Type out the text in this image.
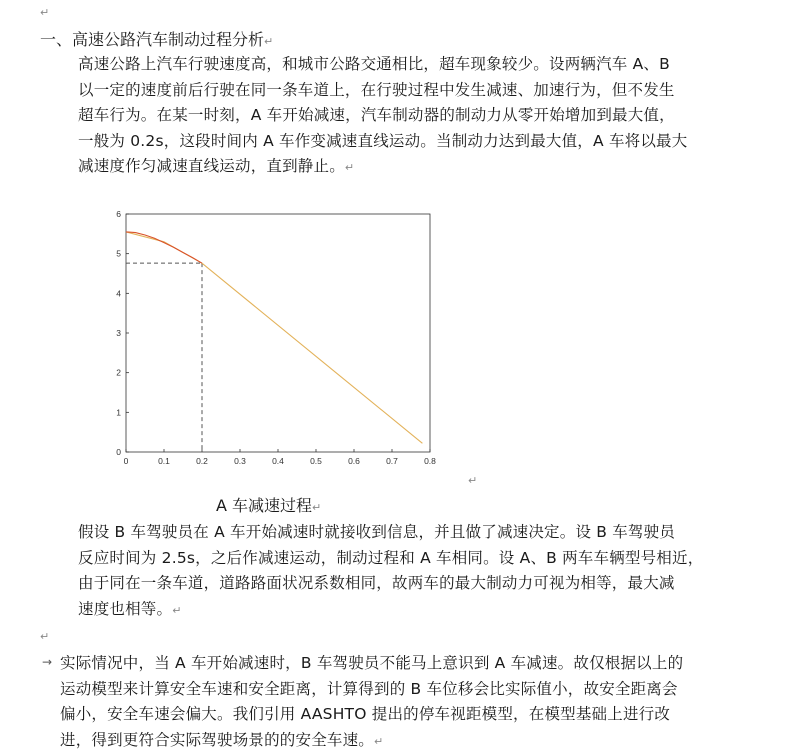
↵
一、高速公路汽车制动过程分析↵
高速公路上汽车行驶速度高，和城市公路交通相比，超车现象较少。设两辆汽车 A、B
以一定的速度前后行驶在同一条车道上，在行驶过程中发生减速、加速行为，但不发生
超车行为。在某一时刻，A 车开始减速，汽车制动器的制动力从零开始增加到最大值，
一般为 0.2s，这段时间内 A 车作变减速直线运动。当制动力达到最大值，A 车将以最大
减速度作匀减速直线运动，直到静止。↵
0	0.1	0.2	0.3	0.4	0.5	0.6	0.7	0.8
0
1
2
3
4
5
6
↵
A 车减速过程↵
假设 B 车驾驶员在 A 车开始减速时就接收到信息，并且做了减速决定。设 B 车驾驶员
反应时间为 2.5s，之后作减速运动，制动过程和 A 车相同。设 A、B 两车车辆型号相近，
由于同在一条车道，道路路面状况系数相同，故两车的最大制动力可视为相等，最大减
速度也相等。↵
↵
→ 实际情况中，当 A 车开始减速时，B 车驾驶员不能马上意识到 A 车减速。故仅根据以上的
运动模型来计算安全车速和安全距离，计算得到的 B 车位移会比实际值小，故安全距离会
偏小，安全车速会偏大。我们引用 AASHTO 提出的停车视距模型，在模型基础上进行改
进，得到更符合实际驾驶场景的的安全车速。↵
